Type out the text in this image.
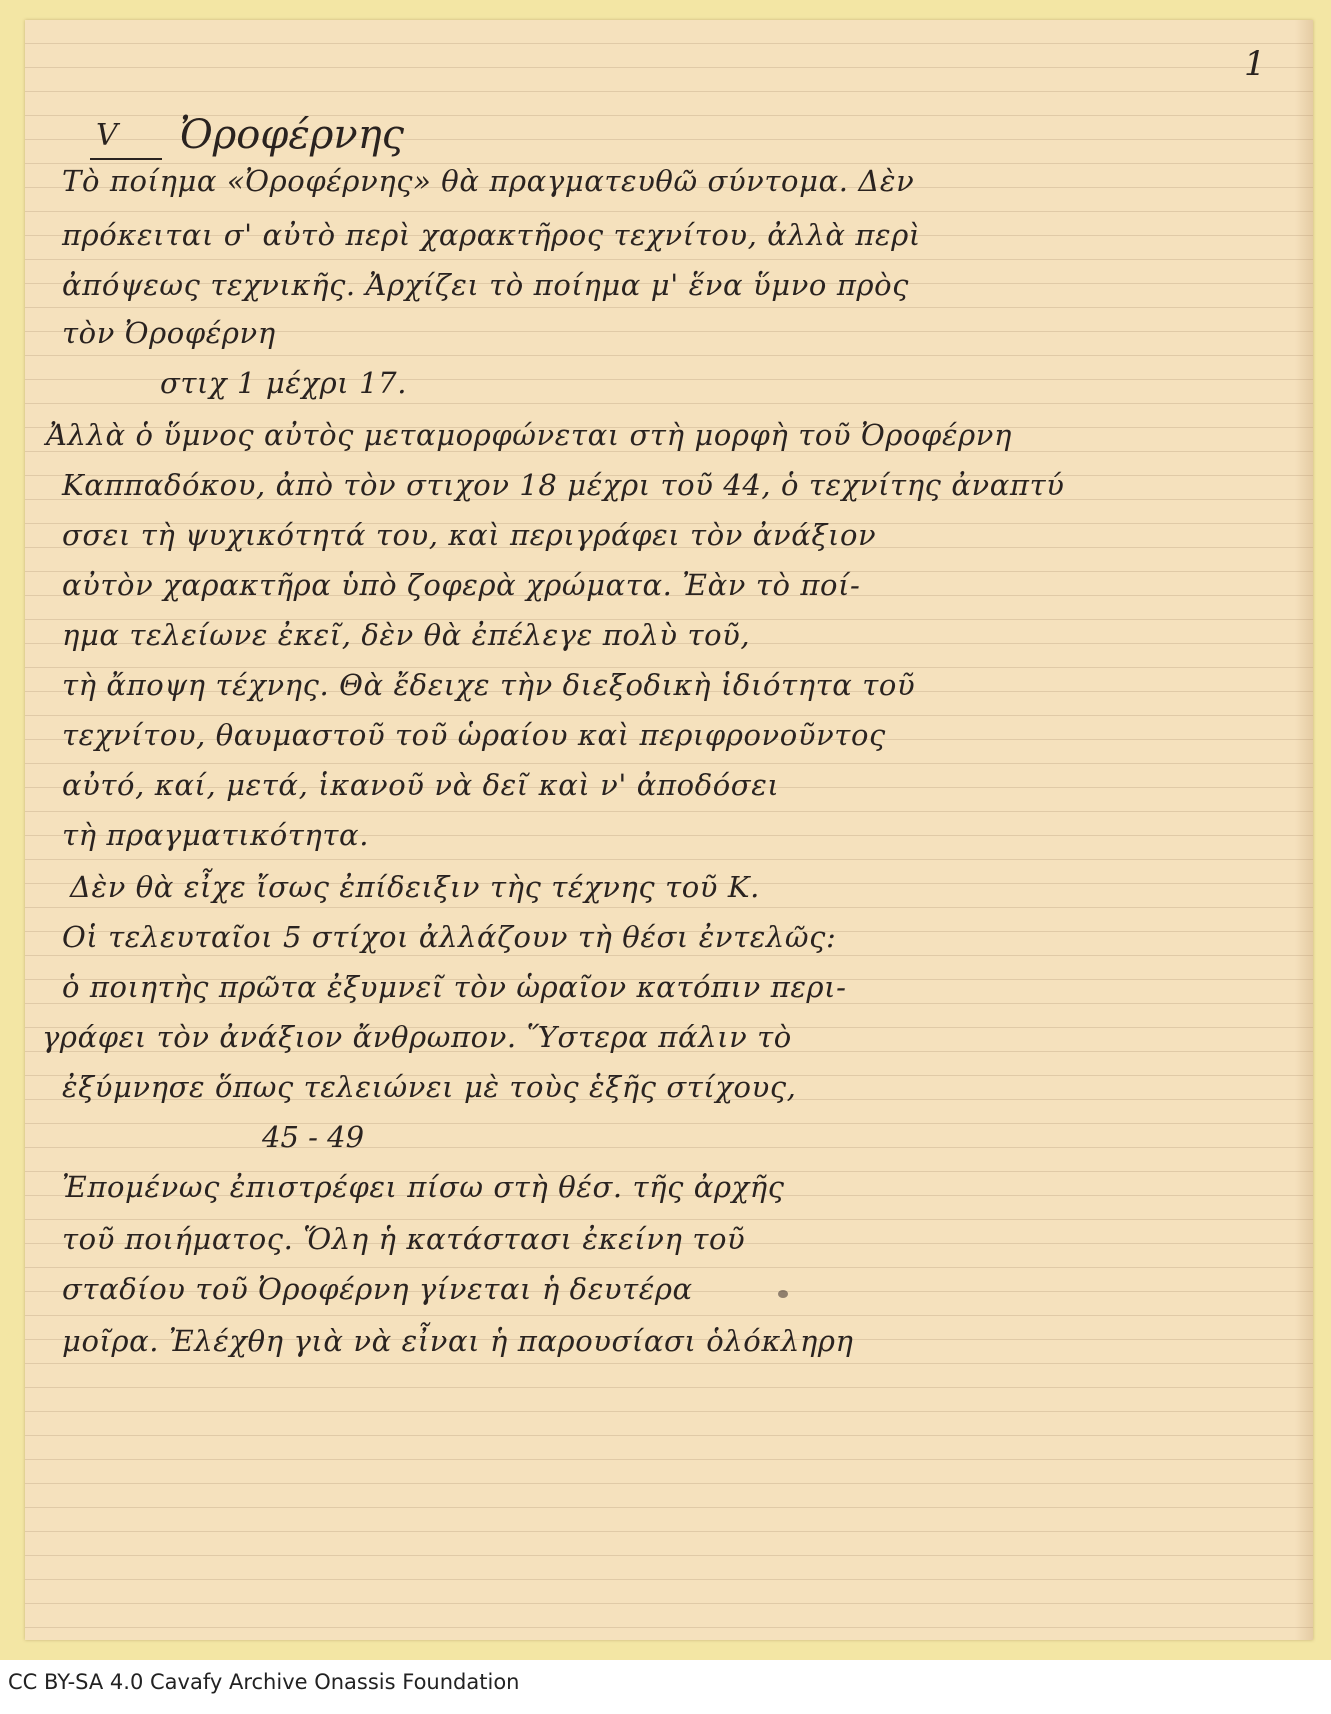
1
V Ὀροφέρνης
Τὸ ποίημα «Ὀροφέρνης» θὰ πραγματευθῶ σύντομα. Δὲν
πρόκειται σ' αὐτὸ περὶ χαρακτῆρος τεχνίτου, ἀλλὰ περὶ
ἀπόψεως τεχνικῆς. Ἀρχίζει τὸ ποίημα μ' ἕνα ὕμνο πρὸς
τὸν Ὀροφέρνη
στιχ 1 μέχρι 17.
Ἀλλὰ ὁ ὕμνος αὐτὸς μεταμορφώνεται στὴ μορφὴ τοῦ Ὀροφέρνη
Καππαδόκου, ἀπὸ τὸν στιχον 18 μέχρι τοῦ 44, ὁ τεχνίτης ἀναπτύ
σσει τὴ ψυχικότητά του, καὶ περιγράφει τὸν ἀνάξιον
αὐτὸν χαρακτῆρα ὑπὸ ζοφερὰ χρώματα. Ἐὰν τὸ ποί-
ημα τελείωνε ἐκεῖ, δὲν θὰ ἐπέλεγε πολὺ τοῦ,
τὴ ἄποψη τέχνης. Θὰ ἔδειχε τὴν διεξοδικὴ ἱδιότητα τοῦ
τεχνίτου, θαυμαστοῦ τοῦ ὡραίου καὶ περιφρονοῦντος
αὐτό, καί, μετά, ἱκανοῦ νὰ δεῖ καὶ ν' ἀποδόσει
τὴ πραγματικότητα.
Δὲν θὰ εἶχε ἴσως ἐπίδειξιν τὴς τέχνης τοῦ Κ.
Οἱ τελευταῖοι 5 στίχοι ἀλλάζουν τὴ θέσι ἐντελῶς:
ὁ ποιητὴς πρῶτα ἐξυμνεῖ τὸν ὡραῖον κατόπιν περι-
γράφει τὸν ἀνάξιον ἄνθρωπον. Ὕστερα πάλιν τὸ
ἐξύμνησε ὅπως τελειώνει μὲ τοὺς ἑξῆς στίχους,
45 - 49
Ἐπομένως ἐπιστρέφει πίσω στὴ θέσ. τῆς ἀρχῆς
τοῦ ποιήματος. Ὅλη ἡ κατάστασι ἐκείνη τοῦ
σταδίου τοῦ Ὀροφέρνη γίνεται ἡ δευτέρα
μοῖρα. Ἐλέχθη γιὰ νὰ εἶναι ἡ παρουσίασι ὁλόκληρη
CC BY-SA 4.0 Cavafy Archive Onassis Foundation
